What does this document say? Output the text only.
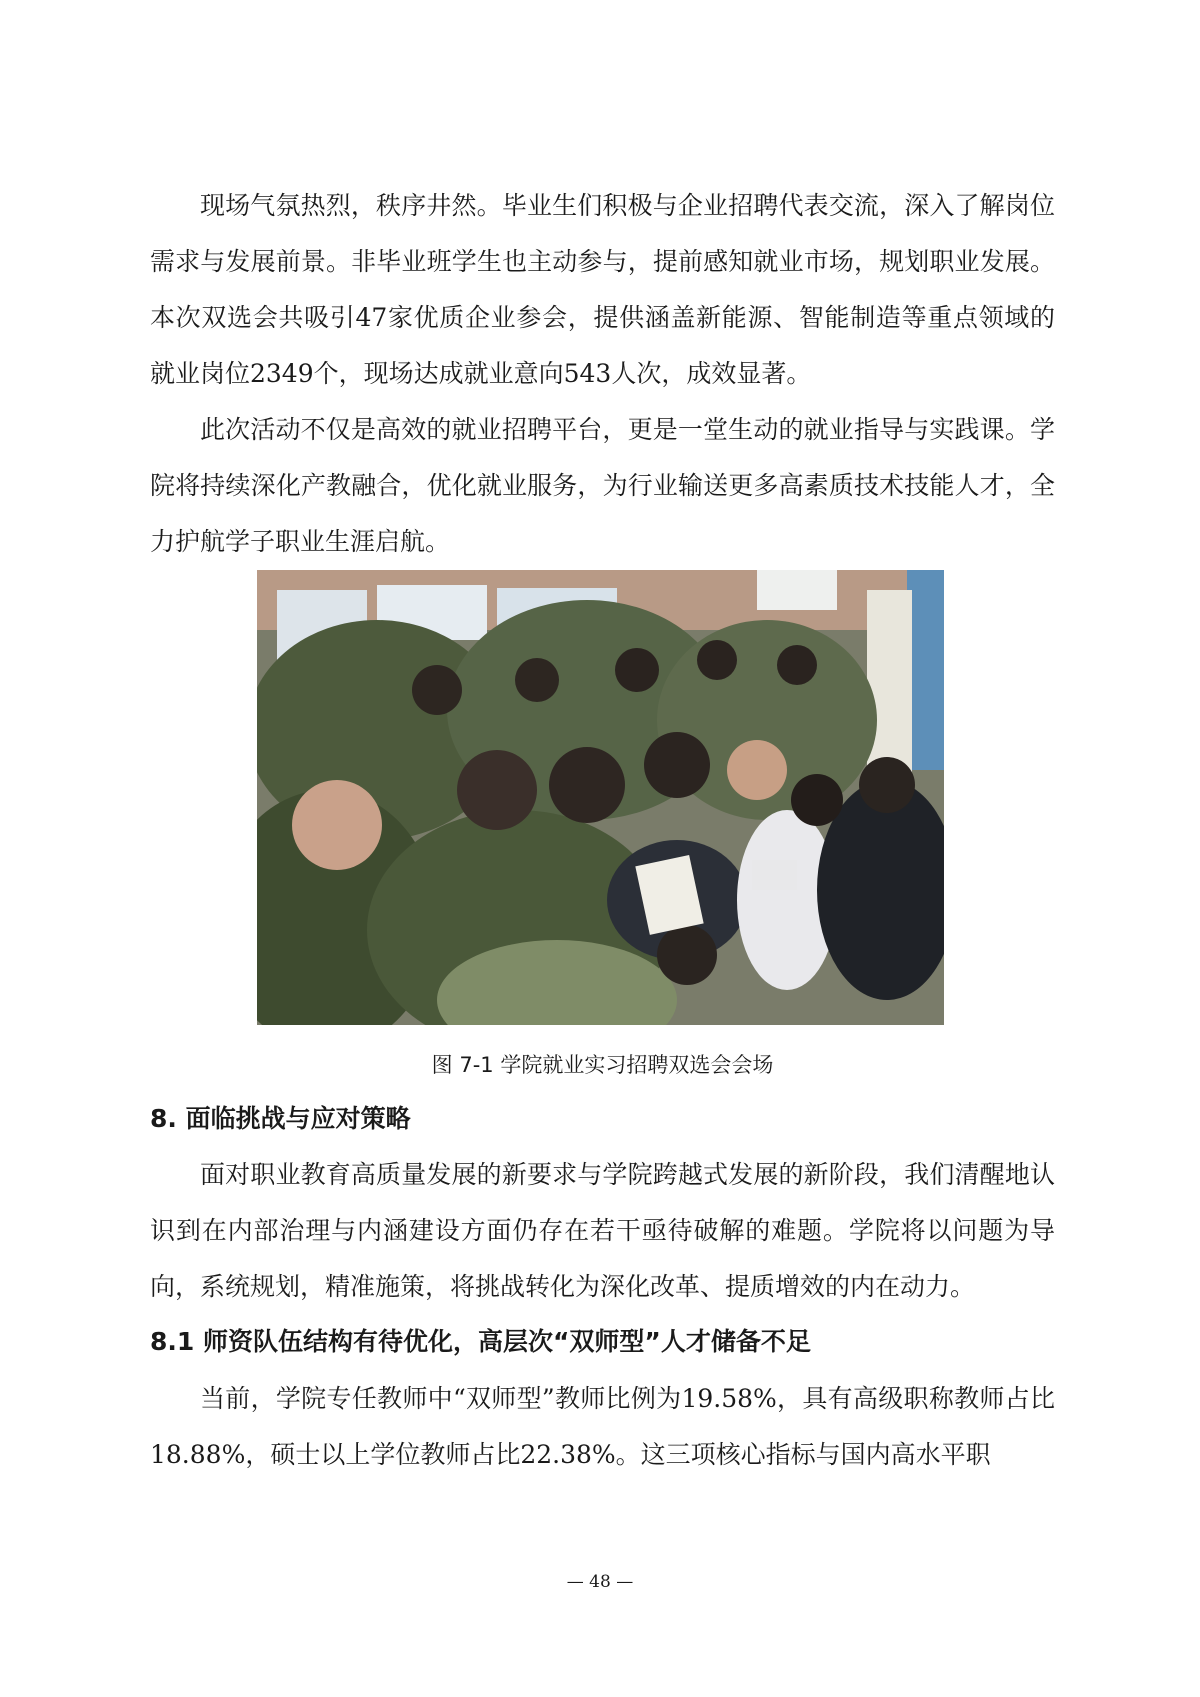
现场气氛热烈，秩序井然。毕业生们积极与企业招聘代表交流，深入了解岗位需求与发展前景。非毕业班学生也主动参与，提前感知就业市场，规划职业发展。本次双选会共吸引47家优质企业参会，提供涵盖新能源、智能制造等重点领域的就业岗位2349个，现场达成就业意向543人次，成效显著。

此次活动不仅是高效的就业招聘平台，更是一堂生动的就业指导与实践课。学院将持续深化产教融合，优化就业服务，为行业输送更多高素质技术技能人才，全力护航学子职业生涯启航。

图 7-1 学院就业实习招聘双选会会场

8. 面临挑战与应对策略

面对职业教育高质量发展的新要求与学院跨越式发展的新阶段，我们清醒地认识到在内部治理与内涵建设方面仍存在若干亟待破解的难题。学院将以问题为导向，系统规划，精准施策，将挑战转化为深化改革、提质增效的内在动力。

8.1 师资队伍结构有待优化，高层次“双师型”人才储备不足

当前，学院专任教师中“双师型”教师比例为19.58%，具有高级职称教师占比18.88%，硕士以上学位教师占比22.38%。这三项核心指标与国内高水平职

— 48 —
